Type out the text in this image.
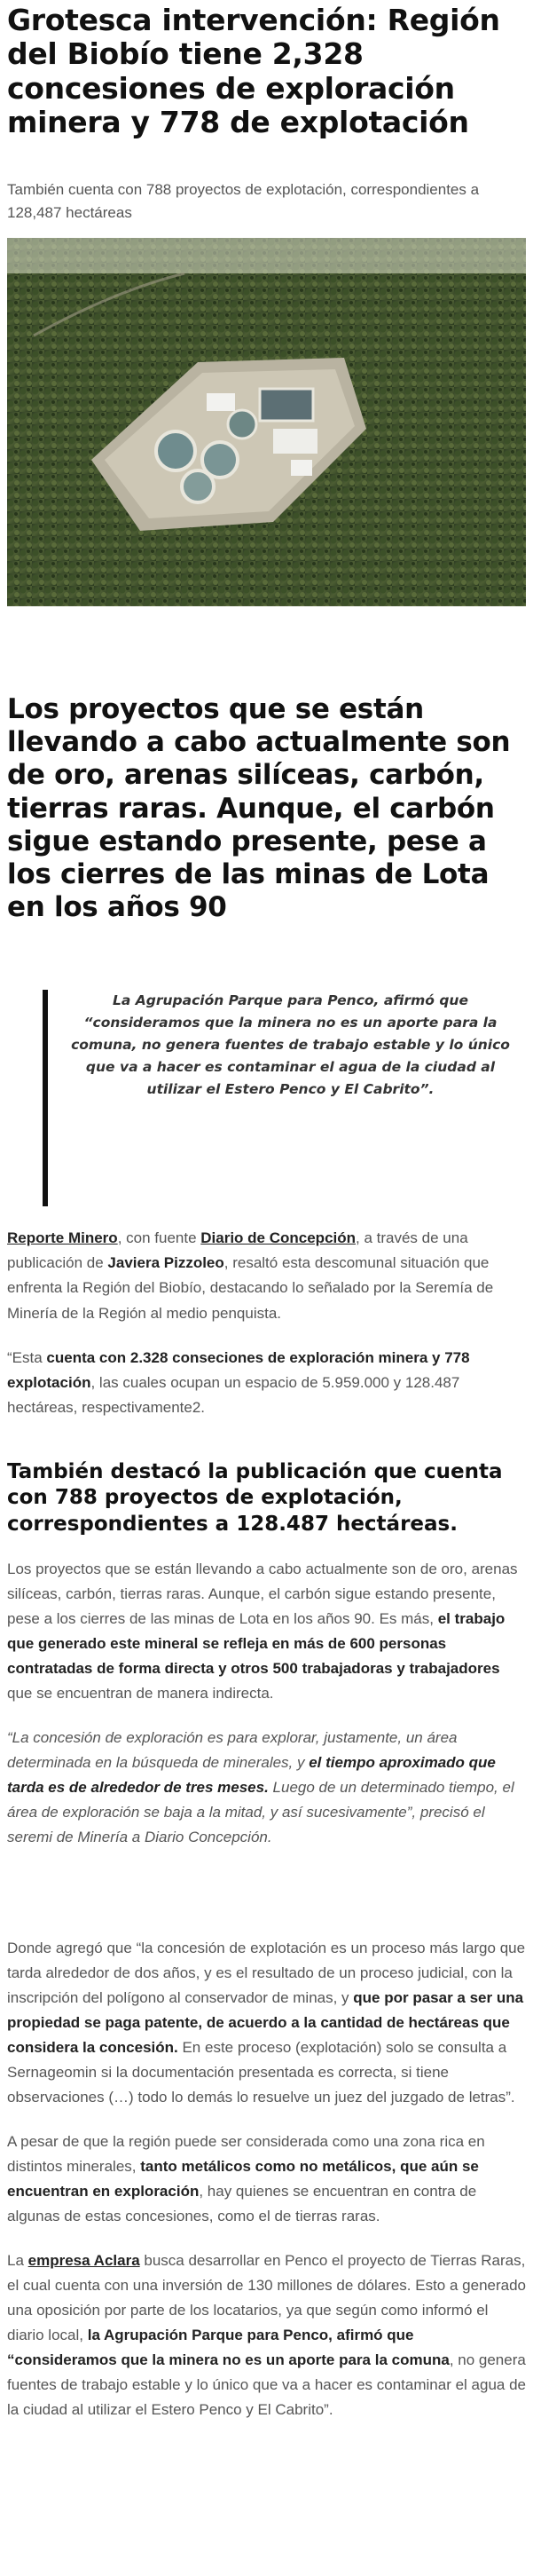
Grotesca intervención: Región del Biobío tiene 2,328 concesiones de exploración minera y 778 de explotación

También cuenta con 788 proyectos de explotación, correspondientes a 128,487 hectáreas

Los proyectos que se están llevando a cabo actualmente son de oro, arenas silíceas, carbón, tierras raras. Aunque, el carbón sigue estando presente, pese a los cierres de las minas de Lota en los años 90

La Agrupación Parque para Penco, afirmó que “consideramos que la minera no es un aporte para la comuna, no genera fuentes de trabajo estable y lo único que va a hacer es contaminar el agua de la ciudad al utilizar el Estero Penco y El Cabrito”.

Reporte Minero, con fuente Diario de Concepción, a través de una publicación de Javiera Pizzoleo, resaltó esta descomunal situación que enfrenta la Región del Biobío, destacando lo señalado por la Seremía de Minería de la Región al medio penquista.

“Esta cuenta con 2.328 conseciones de exploración minera y 778 explotación, las cuales ocupan un espacio de 5.959.000 y 128.487 hectáreas, respectivamente2.

También destacó la publicación que cuenta con 788 proyectos de explotación, correspondientes a 128.487 hectáreas.

Los proyectos que se están llevando a cabo actualmente son de oro, arenas silíceas, carbón, tierras raras. Aunque, el carbón sigue estando presente, pese a los cierres de las minas de Lota en los años 90. Es más, el trabajo que generado este mineral se refleja en más de 600 personas contratadas de forma directa y otros 500 trabajadoras y trabajadores que se encuentran de manera indirecta.

“La concesión de exploración es para explorar, justamente, un área determinada en la búsqueda de minerales, y el tiempo aproximado que tarda es de alrededor de tres meses. Luego de un determinado tiempo, el área de exploración se baja a la mitad, y así sucesivamente”, precisó el seremi de Minería a Diario Concepción.

Donde agregó que “la concesión de explotación es un proceso más largo que tarda alrededor de dos años, y es el resultado de un proceso judicial, con la inscripción del polígono al conservador de minas, y que por pasar a ser una propiedad se paga patente, de acuerdo a la cantidad de hectáreas que considera la concesión. En este proceso (explotación) solo se consulta a Sernageomin si la documentación presentada es correcta, si tiene observaciones (…) todo lo demás lo resuelve un juez del juzgado de letras”.

A pesar de que la región puede ser considerada como una zona rica en distintos minerales, tanto metálicos como no metálicos, que aún se encuentran en exploración, hay quienes se encuentran en contra de algunas de estas concesiones, como el de tierras raras.

La empresa Aclara busca desarrollar en Penco el proyecto de Tierras Raras, el cual cuenta con una inversión de 130 millones de dólares. Esto a generado una oposición por parte de los locatarios, ya que según como informó el diario local, la Agrupación Parque para Penco, afirmó que “consideramos que la minera no es un aporte para la comuna, no genera fuentes de trabajo estable y lo único que va a hacer es contaminar el agua de la ciudad al utilizar el Estero Penco y El Cabrito”.
